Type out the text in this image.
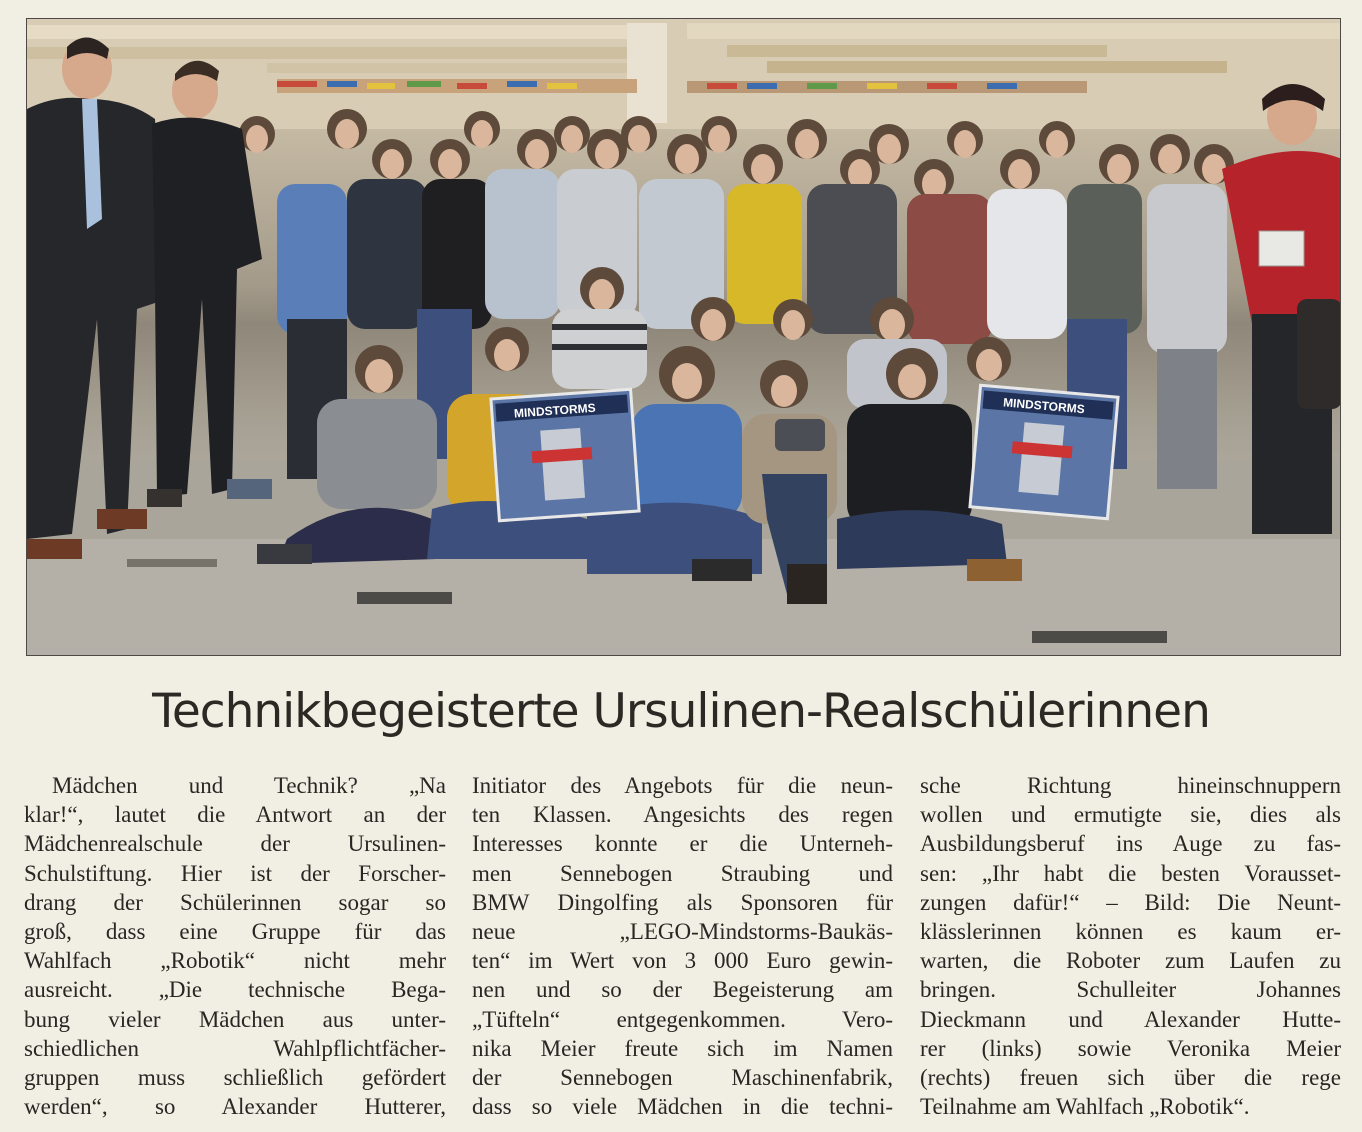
MINDSTORMS	MINDSTORMS
Technikbegeisterte Ursulinen-Realschülerinnen
Mädchen und Technik? „Na
klar!“, lautet die Antwort an der
Mädchenrealschule der Ursulinen-
Schulstiftung. Hier ist der Forscher-
drang der Schülerinnen sogar so
groß, dass eine Gruppe für das
Wahlfach „Robotik“ nicht mehr
ausreicht. „Die technische Bega-
bung vieler Mädchen aus unter-
schiedlichen Wahlpflichtfächer-
gruppen muss schließlich gefördert
werden“, so Alexander Hutterer,
Initiator des Angebots für die neun-
ten Klassen. Angesichts des regen
Interesses konnte er die Unterneh-
men Sennebogen Straubing und
BMW Dingolfing als Sponsoren für
neue „LEGO-Mindstorms-Baukäs-
ten“ im Wert von 3 000 Euro gewin-
nen und so der Begeisterung am
„Tüfteln“ entgegenkommen. Vero-
nika Meier freute sich im Namen
der Sennebogen Maschinenfabrik,
dass so viele Mädchen in die techni-
sche Richtung hineinschnuppern
wollen und ermutigte sie, dies als
Ausbildungsberuf ins Auge zu fas-
sen: „Ihr habt die besten Vorausset-
zungen dafür!“ – Bild: Die Neunt-
klässlerinnen können es kaum er-
warten, die Roboter zum Laufen zu
bringen. Schulleiter Johannes
Dieckmann und Alexander Hutte-
rer (links) sowie Veronika Meier
(rechts) freuen sich über die rege
Teilnahme am Wahlfach „Robotik“.
